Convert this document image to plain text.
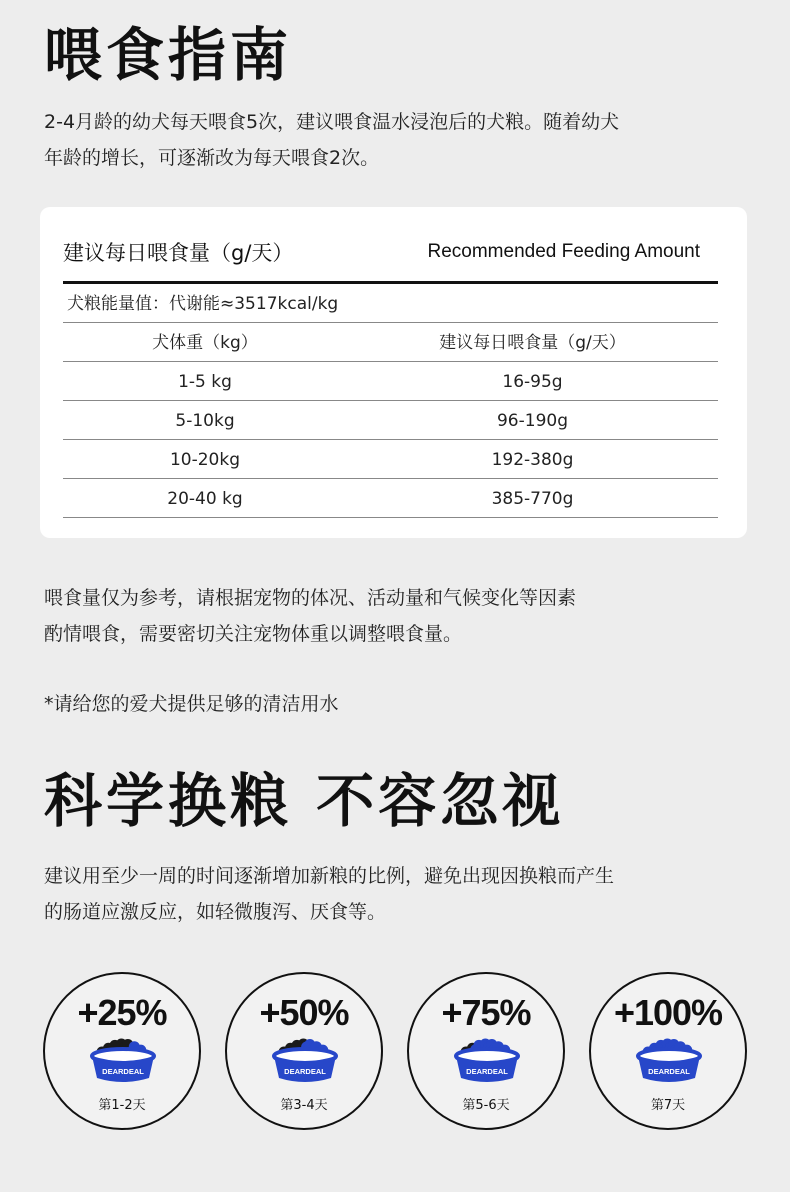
喂食指南
2-4月龄的幼犬每天喂食5次，建议喂食温水浸泡后的犬粮。随着幼犬
年龄的增长，可逐渐改为每天喂食2次。
建议每日喂食量（g/天）	Recommended Feeding Amount
犬粮能量值：代谢能≈3517kcal/kg
犬体重（kg）	建议每日喂食量（g/天）
1-5 kg	16-95g
5-10kg	96-190g
10-20kg	192-380g
20-40 kg	385-770g
喂食量仅为参考，请根据宠物的体况、活动量和气候变化等因素
酌情喂食，需要密切关注宠物体重以调整喂食量。
*请给您的爱犬提供足够的清洁用水
科学换粮 不容忽视
建议用至少一周的时间逐渐增加新粮的比例，避免出现因换粮而产生
的肠道应激反应，如轻微腹泻、厌食等。
+25%
DEARDEAL
第1-2天
+50%
DEARDEAL
第3-4天
+75%
DEARDEAL
第5-6天
+100%
DEARDEAL
第7天
